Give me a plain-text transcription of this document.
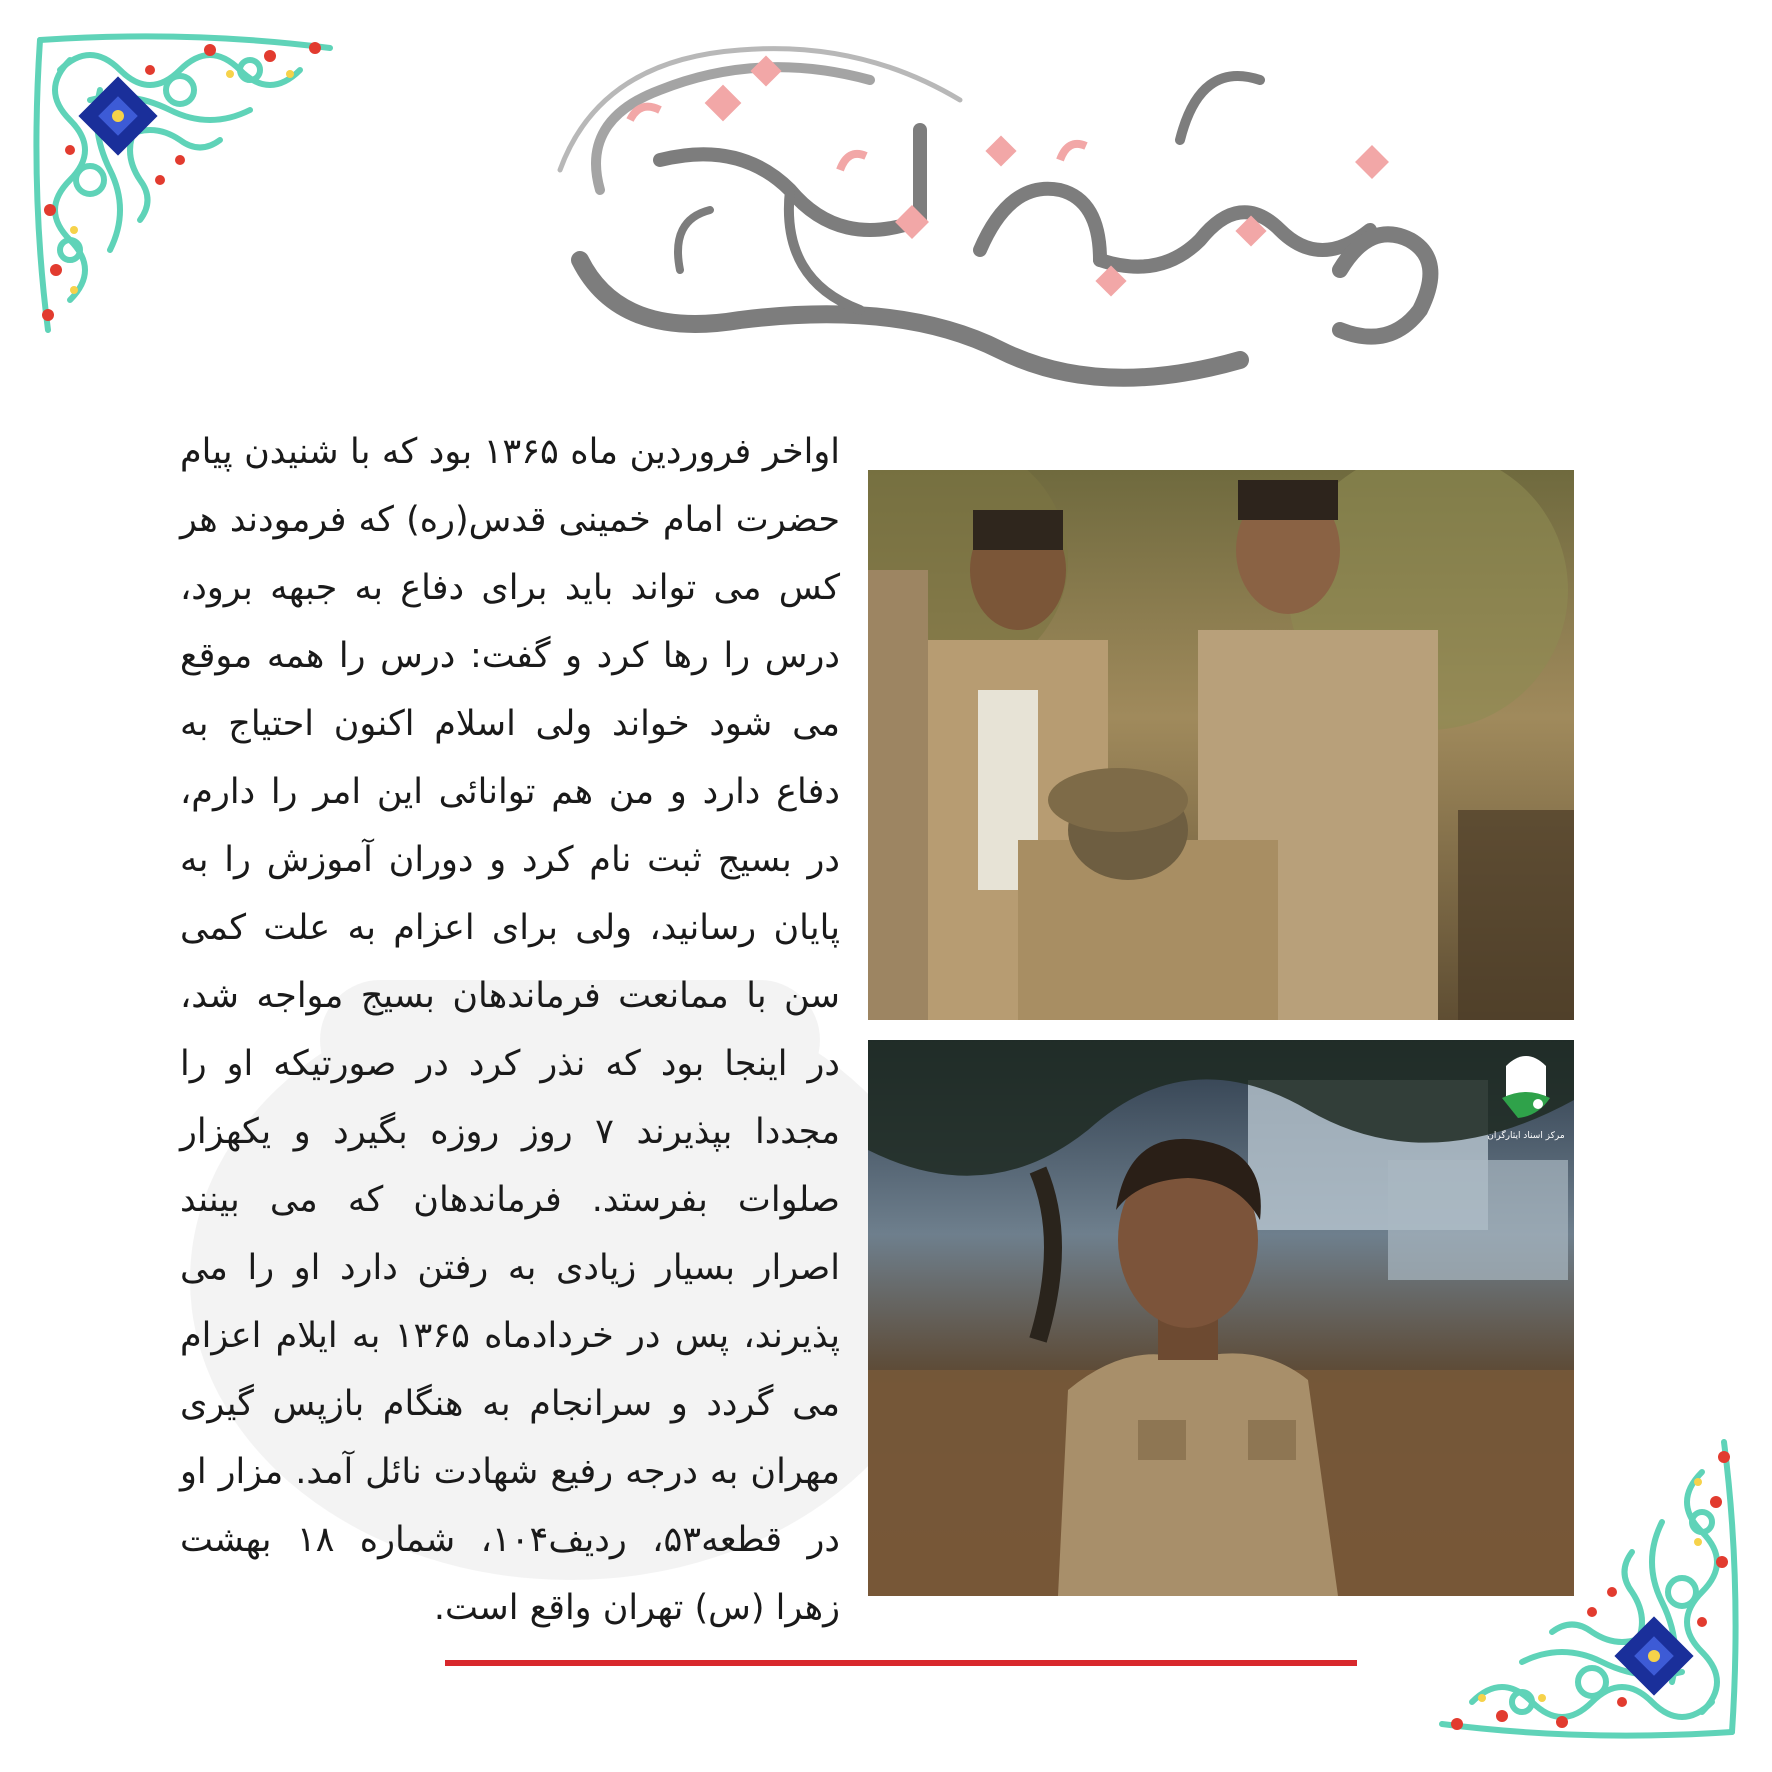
اواخر فروردین ماه ۱۳۶۵ بود که با شنیدن پیام حضرت امام خمینی قدس(ره) که فرمودند هر کس می تواند باید برای دفاع به جبهه برود، درس را رها کرد و گفت: درس را همه موقع می شود خواند ولی اسلام اکنون احتیاج به دفاع دارد و من هم توانائی این امر را دارم، در بسیج ثبت نام کرد و دوران آموزش را به پایان رسانید، ولی برای اعزام به علت کمی سن با ممانعت فرماندهان بسیج مواجه شد، در اینجا بود که نذر کرد در صورتیکه او را مجددا بپذیرند ۷ روز روزه بگیرد و یکهزار صلوات بفرستد. فرماندهان که می بینند اصرار بسیار زیادی به رفتن دارد او را می پذیرند، پس در خردادماه ۱۳۶۵ به ایلام اعزام می گردد و سرانجام به هنگام بازپس گیری مهران به درجه رفیع شهادت نائل آمد. مزار او در قطعه۵۳، ردیف۱۰۴، شماره ۱۸ بهشت زهرا (س) تهران واقع است.
مرکز اسناد ایثارگران
